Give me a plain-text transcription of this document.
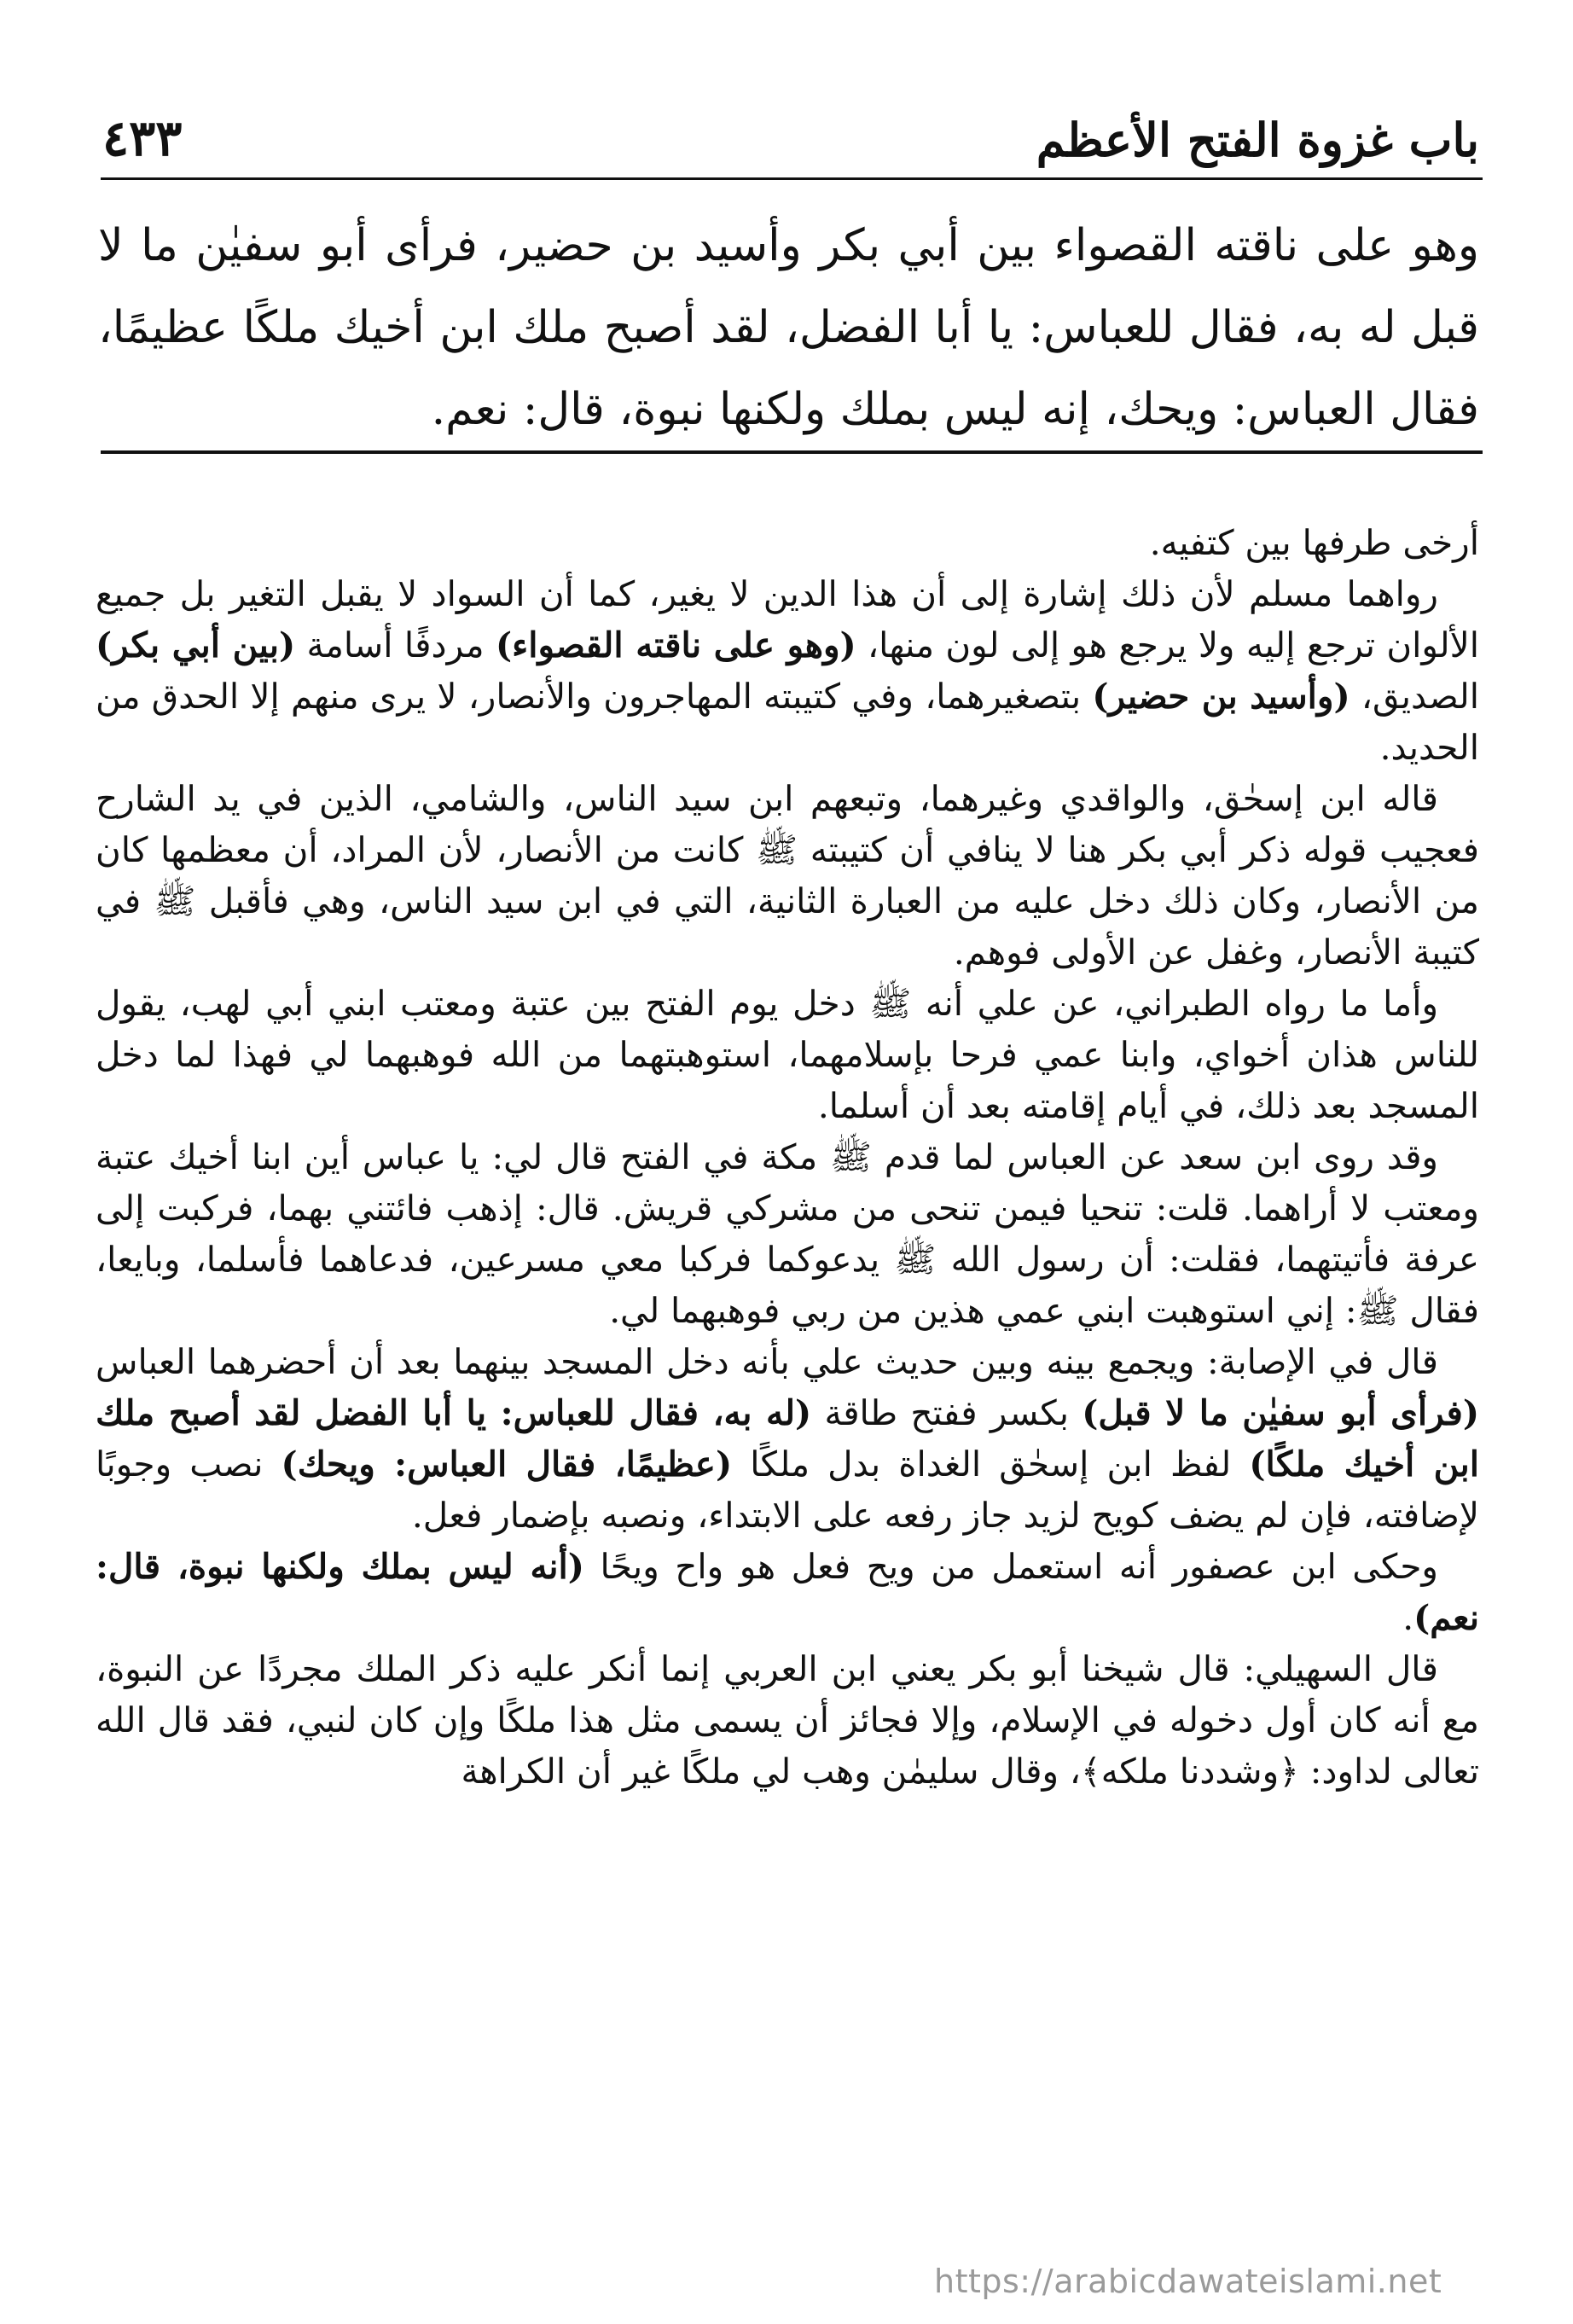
باب غزوة الفتح الأعظم
٤٣٣

وهو على ناقته القصواء بين أبي بكر وأسيد بن حضير، فرأى أبو سفيٰن ما لا قبل له به، فقال للعباس: يا أبا الفضل، لقد أصبح ملك ابن أخيك ملكًا عظيمًا، فقال العباس: ويحك، إنه ليس بملك ولكنها نبوة، قال: نعم.

أرخى طرفها بين كتفيه.

رواهما مسلم لأن ذلك إشارة إلى أن هذا الدين لا يغير، كما أن السواد لا يقبل التغير بل جميع الألوان ترجع إليه ولا يرجع هو إلى لون منها، (وهو على ناقته القصواء) مردفًا أسامة (بين أبي بكر) الصديق، (وأسيد بن حضير) بتصغيرهما، وفي كتيبته المهاجرون والأنصار، لا يرى منهم إلا الحدق من الحديد.

قاله ابن إسحٰق، والواقدي وغيرهما، وتبعهم ابن سيد الناس، والشامي، الذين في يد الشارح فعجيب قوله ذكر أبي بكر هنا لا ينافي أن كتيبته ﷺ كانت من الأنصار، لأن المراد، أن معظمها كان من الأنصار، وكان ذلك دخل عليه من العبارة الثانية، التي في ابن سيد الناس، وهي فأقبل ﷺ في كتيبة الأنصار، وغفل عن الأولى فوهم.

وأما ما رواه الطبراني، عن علي أنه ﷺ دخل يوم الفتح بين عتبة ومعتب ابني أبي لهب، يقول للناس هذان أخواي، وابنا عمي فرحا بإسلامهما، استوهبتهما من الله فوهبهما لي فهذا لما دخل المسجد بعد ذلك، في أيام إقامته بعد أن أسلما.

وقد روى ابن سعد عن العباس لما قدم ﷺ مكة في الفتح قال لي: يا عباس أين ابنا أخيك عتبة ومعتب لا أراهما. قلت: تنحيا فيمن تنحى من مشركي قريش. قال: إذهب فائتني بهما، فركبت إلى عرفة فأتيتهما، فقلت: أن رسول الله ﷺ يدعوكما فركبا معي مسرعين، فدعاهما فأسلما، وبايعا، فقال ﷺ: إني استوهبت ابني عمي هذين من ربي فوهبهما لي.

قال في الإصابة: ويجمع بينه وبين حديث علي بأنه دخل المسجد بينهما بعد أن أحضرهما العباس (فرأى أبو سفيٰن ما لا قبل) بكسر ففتح طاقة (له به، فقال للعباس: يا أبا الفضل لقد أصبح ملك ابن أخيك ملكًا) لفظ ابن إسحٰق الغداة بدل ملكًا (عظيمًا، فقال العباس: ويحك) نصب وجوبًا لإضافته، فإن لم يضف كويح لزيد جاز رفعه على الابتداء، ونصبه بإضمار فعل.

وحكى ابن عصفور أنه استعمل من ويح فعل هو واح ويحًا (أنه ليس بملك ولكنها نبوة، قال: نعم).

قال السهيلي: قال شيخنا أبو بكر يعني ابن العربي إنما أنكر عليه ذكر الملك مجردًا عن النبوة، مع أنه كان أول دخوله في الإسلام، وإلا فجائز أن يسمى مثل هذا ملكًا وإن كان لنبي، فقد قال الله تعالى لداود: ﴿وشددنا ملكه﴾، وقال سليمٰن وهب لي ملكًا غير أن الكراهة

https://arabicdawateislami.net
